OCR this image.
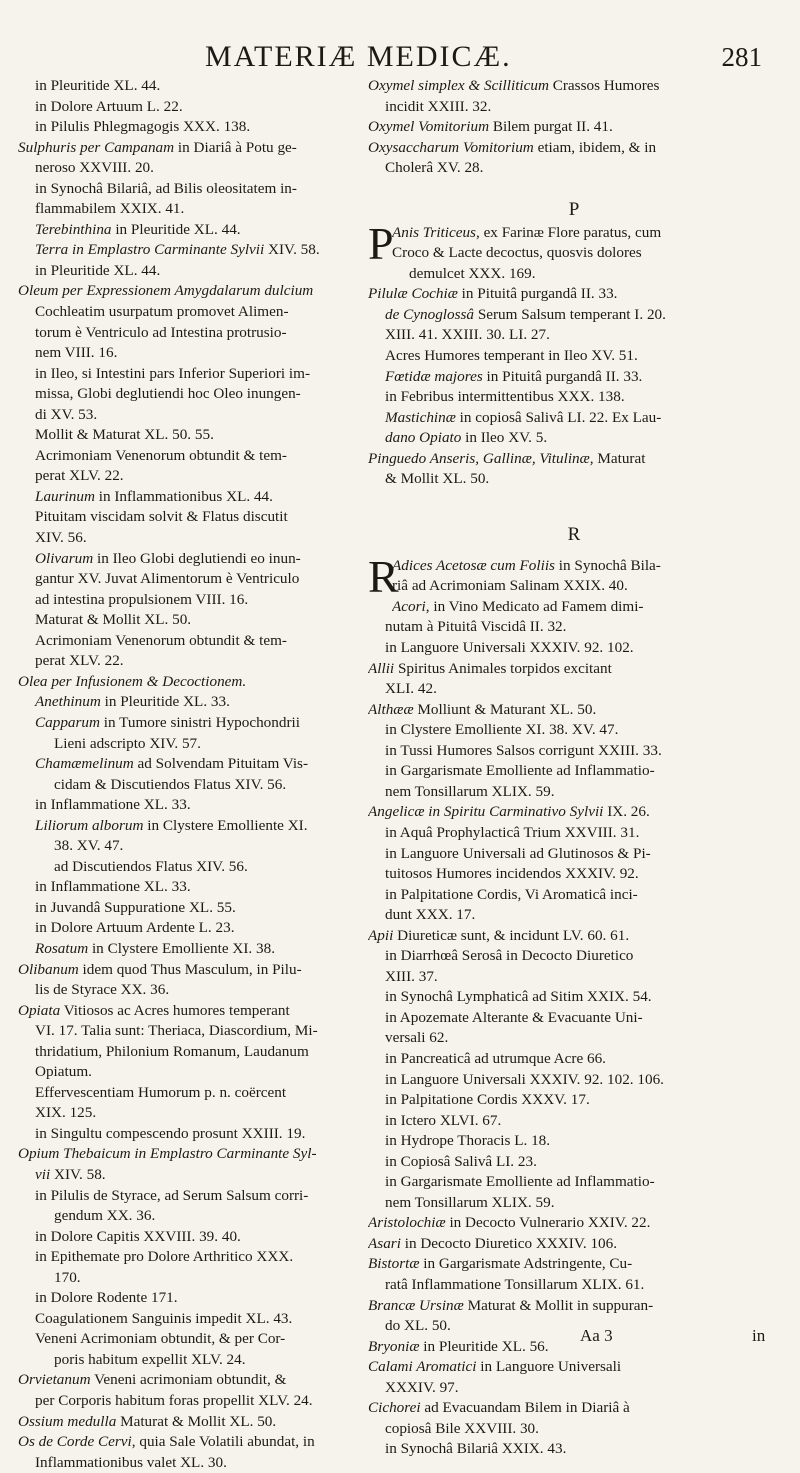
MATERIÆ MEDICÆ.	281
in Pleuritide XL. 44.
in Dolore Artuum L. 22.
in Pilulis Phlegmagogis XXX. 138.
Sulphuris per Campanam in Diariâ à Potu ge-
neroso XXVIII. 20.
in Synochâ Bilariâ, ad Bilis oleositatem in-
flammabilem XXIX. 41.
Terebinthina in Pleuritide XL. 44.
Terra in Emplastro Carminante Sylvii XIV. 58.
in Pleuritide XL. 44.
Oleum per Expressionem Amygdalarum dulcium
Cochleatim usurpatum promovet Alimen-
torum è Ventriculo ad Intestina protrusio-
nem VIII. 16.
in Ileo, si Intestini pars Inferior Superiori im-
missa, Globi deglutiendi hoc Oleo inungen-
di XV. 53.
Mollit & Maturat XL. 50. 55.
Acrimoniam Venenorum obtundit & tem-
perat XLV. 22.
Laurinum in Inflammationibus XL. 44.
Pituitam viscidam solvit & Flatus discutit
XIV. 56.
Olivarum in Ileo Globi deglutiendi eo inun-
gantur XV. Juvat Alimentorum è Ventriculo
ad intestina propulsionem VIII. 16.
Maturat & Mollit XL. 50.
Acrimoniam Venenorum obtundit & tem-
perat XLV. 22.
Olea per Infusionem & Decoctionem.
Anethinum in Pleuritide XL. 33.
Capparum in Tumore sinistri Hypochondrii
Lieni adscripto XIV. 57.
Chamæmelinum ad Solvendam Pituitam Vis-
cidam & Discutiendos Flatus XIV. 56.
in Inflammatione XL. 33.
Liliorum alborum in Clystere Emolliente XI.
38. XV. 47.
ad Discutiendos Flatus XIV. 56.
in Inflammatione XL. 33.
in Juvandâ Suppuratione XL. 55.
in Dolore Artuum Ardente L. 23.
Rosatum in Clystere Emolliente XI. 38.
Olibanum idem quod Thus Masculum, in Pilu-
lis de Styrace XX. 36.
Opiata Vitiosos ac Acres humores temperant
VI. 17. Talia sunt: Theriaca, Diascordium, Mi-
thridatium, Philonium Romanum, Laudanum
Opiatum.
Effervescentiam Humorum p. n. coërcent
XIX. 125.
in Singultu compescendo prosunt XXIII. 19.
Opium Thebaicum in Emplastro Carminante Syl-
vii XIV. 58.
in Pilulis de Styrace, ad Serum Salsum corri-
gendum XX. 36.
in Dolore Capitis XXVIII. 39. 40.
in Epithemate pro Dolore Arthritico XXX.
170.
in Dolore Rodente 171.
Coagulationem Sanguinis impedit XL. 43.
Veneni Acrimoniam obtundit, & per Cor-
poris habitum expellit XLV. 24.
Orvietanum Veneni acrimoniam obtundit, &
per Corporis habitum foras propellit XLV. 24.
Ossium medulla Maturat & Mollit XL. 50.
Os de Corde Cervi, quia Sale Volatili abundat, in
Inflammationibus valet XL. 30.
Oxymel simplex & Scilliticum Crassos Humores
incidit XXIII. 32.
Oxymel Vomitorium Bilem purgat II. 41.
Oxysaccharum Vomitorium etiam, ibidem, & in
Cholerâ XV. 28.
P
P
Anis Triticeus, ex Farinæ Flore paratus, cum
Croco & Lacte decoctus, quosvis dolores
demulcet XXX. 169.
Pilulæ Cochiæ in Pituitâ purgandâ II. 33.
de Cynoglossâ Serum Salsum temperant I. 20.
XIII. 41. XXIII. 30. LI. 27.
Acres Humores temperant in Ileo XV. 51.
Fœtidæ majores in Pituitâ purgandâ II. 33.
in Febribus intermittentibus XXX. 138.
Mastichinæ in copiosâ Salivâ LI. 22. Ex Lau-
dano Opiato in Ileo XV. 5.
Pinguedo Anseris, Gallinæ, Vitulinæ, Maturat
& Mollit XL. 50.
R
R
Adices Acetosæ cum Foliis in Synochâ Bila-
riâ ad Acrimoniam Salinam XXIX. 40.
Acori, in Vino Medicato ad Famem dimi-
nutam à Pituitâ Viscidâ II. 32.
in Languore Universali XXXIV. 92. 102.
Allii Spiritus Animales torpidos excitant
XLI. 42.
Althææ Molliunt & Maturant XL. 50.
in Clystere Emolliente XI. 38. XV. 47.
in Tussi Humores Salsos corrigunt XXIII. 33.
in Gargarismate Emolliente ad Inflammatio-
nem Tonsillarum XLIX. 59.
Angelicæ in Spiritu Carminativo Sylvii IX. 26.
in Aquâ Prophylacticâ Trium XXVIII. 31.
in Languore Universali ad Glutinosos & Pi-
tuitosos Humores incidendos XXXIV. 92.
in Palpitatione Cordis, Vi Aromaticâ inci-
dunt XXX. 17.
Apii Diureticæ sunt, & incidunt LV. 60. 61.
in Diarrhœâ Serosâ in Decocto Diuretico
XIII. 37.
in Synochâ Lymphaticâ ad Sitim XXIX. 54.
in Apozemate Alterante & Evacuante Uni-
versali 62.
in Pancreaticâ ad utrumque Acre 66.
in Languore Universali XXXIV. 92. 102. 106.
in Palpitatione Cordis XXXV. 17.
in Ictero XLVI. 67.
in Hydrope Thoracis L. 18.
in Copiosâ Salivâ LI. 23.
in Gargarismate Emolliente ad Inflammatio-
nem Tonsillarum XLIX. 59.
Aristolochiæ in Decocto Vulnerario XXIV. 22.
Asari in Decocto Diuretico XXXIV. 106.
Bistortæ in Gargarismate Adstringente, Cu-
ratâ Inflammatione Tonsillarum XLIX. 61.
Brancæ Ursinæ Maturat & Mollit in suppuran-
do XL. 50.
Bryoniæ in Pleuritide XL. 56.
Calami Aromatici in Languore Universali
XXXIV. 97.
Cichorei ad Evacuandam Bilem in Diariâ à
copiosâ Bile XXVIII. 30.
in Synochâ Bilariâ XXIX. 43.
Aa 3	in
